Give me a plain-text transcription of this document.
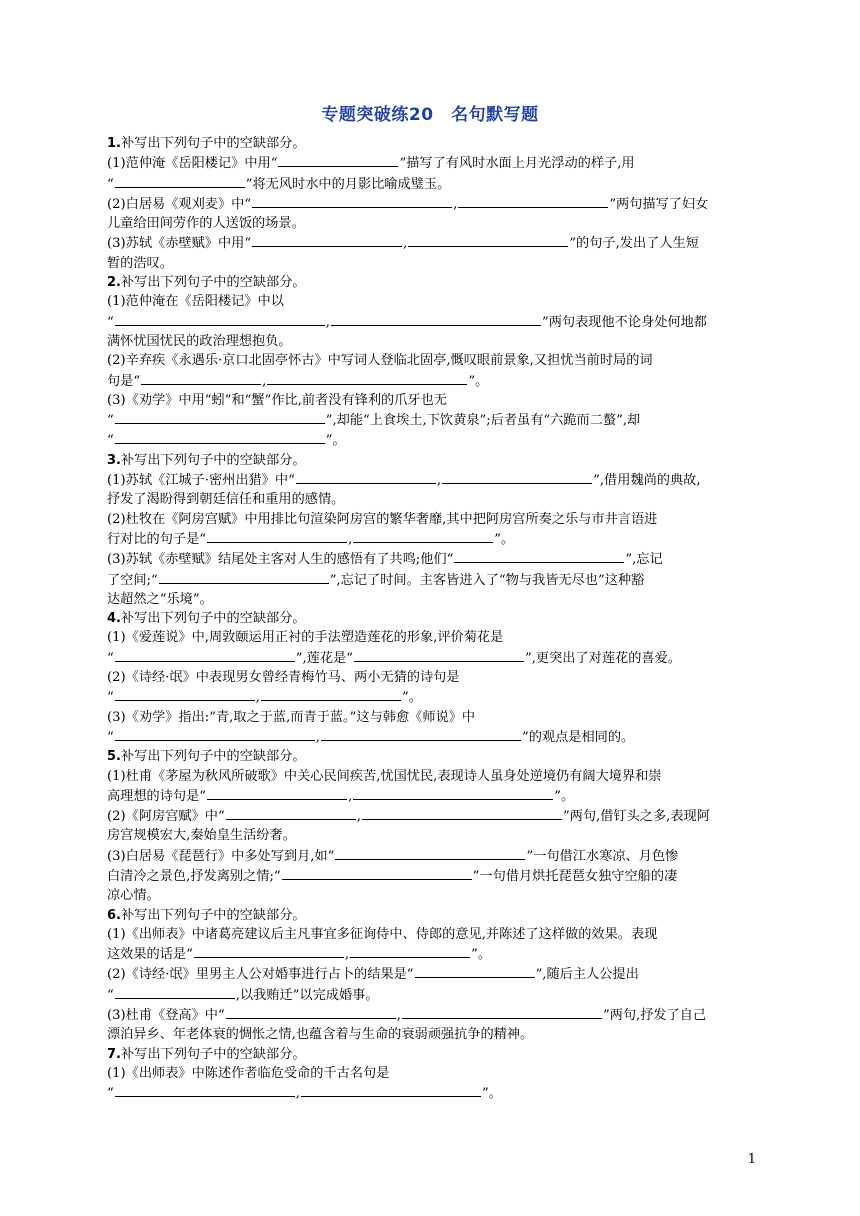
专题突破练20　名句默写题
1.补写出下列句子中的空缺部分。
(1)范仲淹《岳阳楼记》中用“	”描写了有风时水面上月光浮动的样子,用
“	”将无风时水中的月影比喻成璧玉。
(2)白居易《观刈麦》中“	,	”两句描写了妇女
儿童给田间劳作的人送饭的场景。
(3)苏轼《赤壁赋》中用“	,	”的句子,发出了人生短
暂的浩叹。
2.补写出下列句子中的空缺部分。
(1)范仲淹在《岳阳楼记》中以
“	,	”两句表现他不论身处何地都
满怀忧国忧民的政治理想抱负。
(2)辛弃疾《永遇乐·京口北固亭怀古》中写词人登临北固亭,慨叹眼前景象,又担忧当前时局的词
句是“	,	”。
(3)《劝学》中用“蚓”和“蟹”作比,前者没有锋利的爪牙也无
“	”,却能“上食埃土,下饮黄泉”;后者虽有“六跪而二螯”,却
“	”。
3.补写出下列句子中的空缺部分。
(1)苏轼《江城子·密州出猎》中“	,	”,借用魏尚的典故,
抒发了渴盼得到朝廷信任和重用的感情。
(2)杜牧在《阿房宫赋》中用排比句渲染阿房宫的繁华奢靡,其中把阿房宫所奏之乐与市井言语进
行对比的句子是“	,	”。
(3)苏轼《赤壁赋》结尾处主客对人生的感悟有了共鸣;他们“	”,忘记
了空间;“	”,忘记了时间。主客皆进入了“物与我皆无尽也”这种豁
达超然之“乐境”。
4.补写出下列句子中的空缺部分。
(1)《爱莲说》中,周敦颐运用正衬的手法塑造莲花的形象,评价菊花是
“	”,莲花是“	”,更突出了对莲花的喜爱。
(2)《诗经·氓》中表现男女曾经青梅竹马、两小无猜的诗句是
“	,	”。
(3)《劝学》指出:“青,取之于蓝,而青于蓝。”这与韩愈《师说》中
“	,	”的观点是相同的。
5.补写出下列句子中的空缺部分。
(1)杜甫《茅屋为秋风所破歌》中关心民间疾苦,忧国忧民,表现诗人虽身处逆境仍有阔大境界和崇
高理想的诗句是“	,	”。
(2)《阿房宫赋》中“	,	”两句,借钉头之多,表现阿
房宫规模宏大,秦始皇生活纷奢。
(3)白居易《琵琶行》中多处写到月,如“	”一句借江水寒凉、月色惨
白清冷之景色,抒发离别之情;“	”一句借月烘托琵琶女独守空船的凄
凉心情。
6.补写出下列句子中的空缺部分。
(1)《出师表》中诸葛亮建议后主凡事宜多征询侍中、侍郎的意见,并陈述了这样做的效果。表现
这效果的话是“	,	”。
(2)《诗经·氓》里男主人公对婚事进行占卜的结果是“	”,随后主人公提出
“	,以我贿迁”以完成婚事。
(3)杜甫《登高》中“	,	”两句,抒发了自己
漂泊异乡、年老体衰的惆怅之情,也蕴含着与生命的衰弱顽强抗争的精神。
7.补写出下列句子中的空缺部分。
(1)《出师表》中陈述作者临危受命的千古名句是
“	,	”。
1
